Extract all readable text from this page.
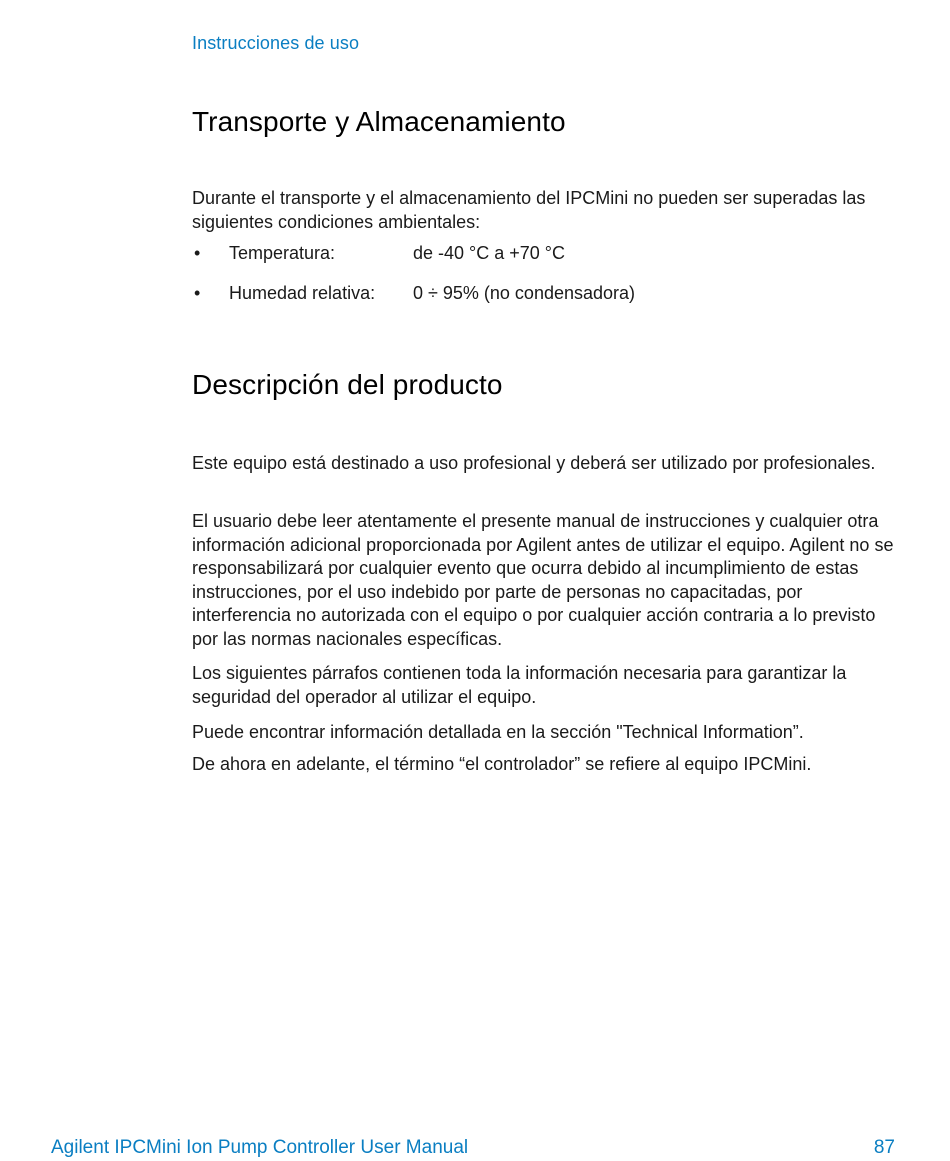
Instrucciones de uso
Transporte y Almacenamiento

Durante el transporte y el almacenamiento del IPCMini no pueden ser superadas las siguientes condiciones ambientales:

•	Temperatura:	de -40 °C a +70 °C
•	Humedad relativa:	0 ÷ 95% (no condensadora)
Descripción del producto

Este equipo está destinado a uso profesional y deberá ser utilizado por profesionales.

El usuario debe leer atentamente el presente manual de instrucciones y cualquier otra información adicional proporcionada por Agilent antes de utilizar el equipo. Agilent no se responsabilizará por cualquier evento que ocurra debido al incumplimiento de estas instrucciones, por el uso indebido por parte de personas no capacitadas, por interferencia no autorizada con el equipo o por cualquier acción contraria a lo previsto por las normas nacionales específicas.

Los siguientes párrafos contienen toda la información necesaria para garantizar la seguridad del operador al utilizar el equipo.

Puede encontrar información detallada en la sección "Technical Information”.

De ahora en adelante, el término “el controlador” se refiere al equipo IPCMini.

Agilent IPCMini Ion Pump Controller User Manual	87
